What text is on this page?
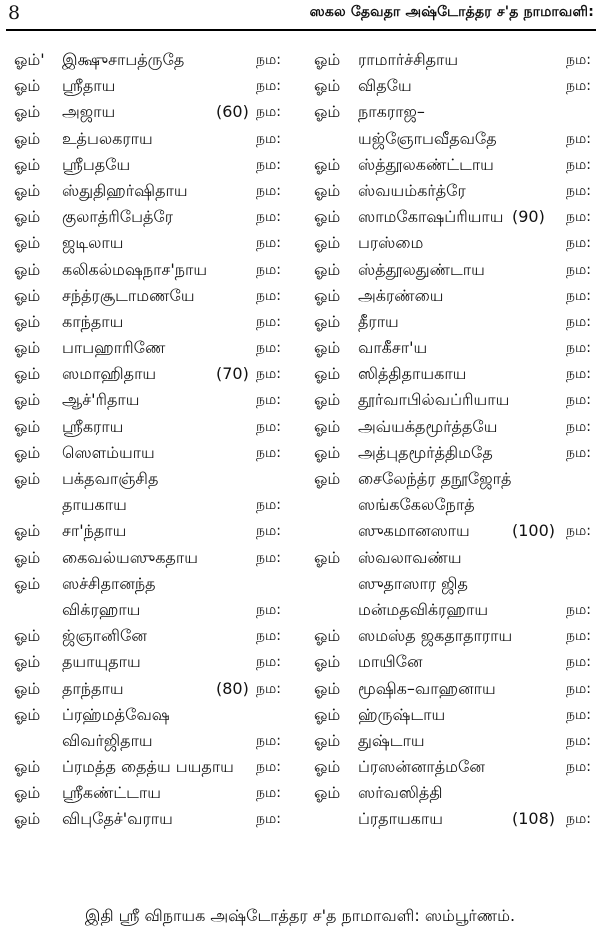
8	ஸகல தேவதா அஷ்டோத்தர ச'த நாமாவளி:
ஓம்' இக்ஷுசாபத்ருதே	நம:
ஓம் ஸ்ரீதாய	நம:
ஓம் அஜாய	(60) நம:
ஓம் உத்பலகராய	நம:
ஓம் ஸ்ரீபதயே	நம:
ஓம் ஸ்துதிஹர்ஷிதாய	நம:
ஓம் குலாத்ரிபேத்ரே	நம:
ஓம் ஜடிலாய	நம:
ஓம் கலிகல்மஷநாச'நாய	நம:
ஓம் சந்த்ரசூடாமணயே	நம:
ஓம் காந்தாய	நம:
ஓம் பாபஹாரிணே	நம:
ஓம் ஸமாஹிதாய	(70) நம:
ஓம் ஆச்'ரிதாய	நம:
ஓம் ஸ்ரீகராய	நம:
ஓம் ஸௌம்யாய	நம:
ஓம் பக்தவாஞ்சித
தாயகாய	நம:
ஓம் சா'ந்தாய	நம:
ஓம் கைவல்யஸுகதாய	நம:
ஓம் ஸச்சிதானந்த
விக்ரஹாய	நம:
ஓம் ஜ்ஞானினே	நம:
ஓம் தயாயுதாய	நம:
ஓம் தாந்தாய	(80) நம:
ஓம் ப்ரஹ்மத்வேஷ
விவர்ஜிதாய	நம:
ஓம் ப்ரமத்த தைத்ய பயதாய நம:
ஓம் ஸ்ரீகண்ட்டாய	நம:
ஓம் விபுதேச்'வராய	நம:
ஓம் ராமார்ச்சிதாய	நம:
ஓம் விதயே	நம:
ஓம் நாகராஜ–
யஜ்ஞோபவீதவதே	நம:
ஓம் ஸ்த்தூலகண்ட்டாய	நம:
ஓம் ஸ்வயம்கர்த்ரே	நம:
ஓம் ஸாமகோஷப்ரியாய (90) நம:
ஓம் பரஸ்மை	நம:
ஓம் ஸ்த்தூலதுண்டாய	நம:
ஓம் அக்ரண்யை	நம:
ஓம் தீராய	நம:
ஓம் வாகீசா'ய	நம:
ஓம் ஸித்திதாயகாய	நம:
ஓம் தூர்வாபில்வப்ரியாய	நம:
ஓம் அவ்யக்தமூர்த்தயே	நம:
ஓம் அத்புதமூர்த்திமதே	நம:
ஓம் சைலேந்த்ர தநூஜோத்
ஸங்ககேலநோத்
ஸுகமானஸாய	(100) நம:
ஓம் ஸ்வலாவண்ய
ஸுதாஸார ஜித
மன்மதவிக்ரஹாய	நம:
ஓம் ஸமஸ்த ஜகதாதாராய	நம:
ஓம் மாயினே	நம:
ஓம் மூஷிக–வாஹனாய	நம:
ஓம் ஹ்ருஷ்டாய	நம:
ஓம் துஷ்டாய	நம:
ஓம் ப்ரஸன்னாத்மனே	நம:
ஓம் ஸர்வஸித்தி
ப்ரதாயகாய	(108) நம:
இதி ஸ்ரீ விநாயக அஷ்டோத்தர ச'த நாமாவளி: ஸம்பூர்ணம்.
